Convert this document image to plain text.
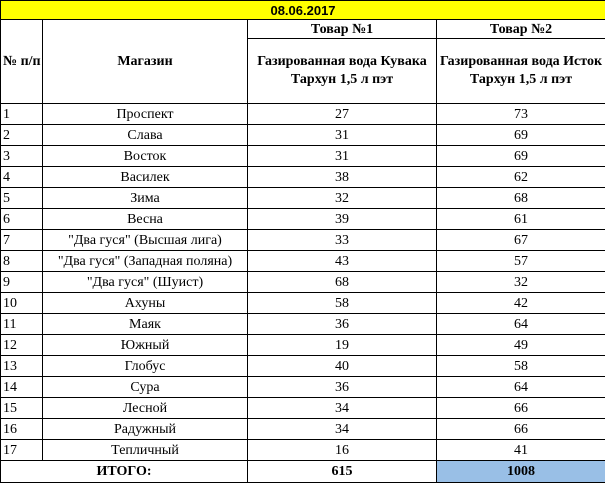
08.06.2017			
№ п/п	Магазин	Товар №1	Товар №2
		Газированная вода Кувака Тархун 1,5 л пэт	Газированная вода Исток Тархун 1,5 л пэт
1	Проспект	27	73
2	Слава	31	69
3	Восток	31	69
4	Василек	38	62
5	Зима	32	68
6	Весна	39	61
7	"Два гуся" (Высшая лига)	33	67
8	"Два гуся" (Западная поляна)	43	57
9	"Два гуся" (Шуист)	68	32
10	Ахуны	58	42
11	Маяк	36	64
12	Южный	19	49
13	Глобус	40	58
14	Сура	36	64
15	Лесной	34	66
16	Радужный	34	66
17	Тепличный	16	41
ИТОГО:		615	1008
